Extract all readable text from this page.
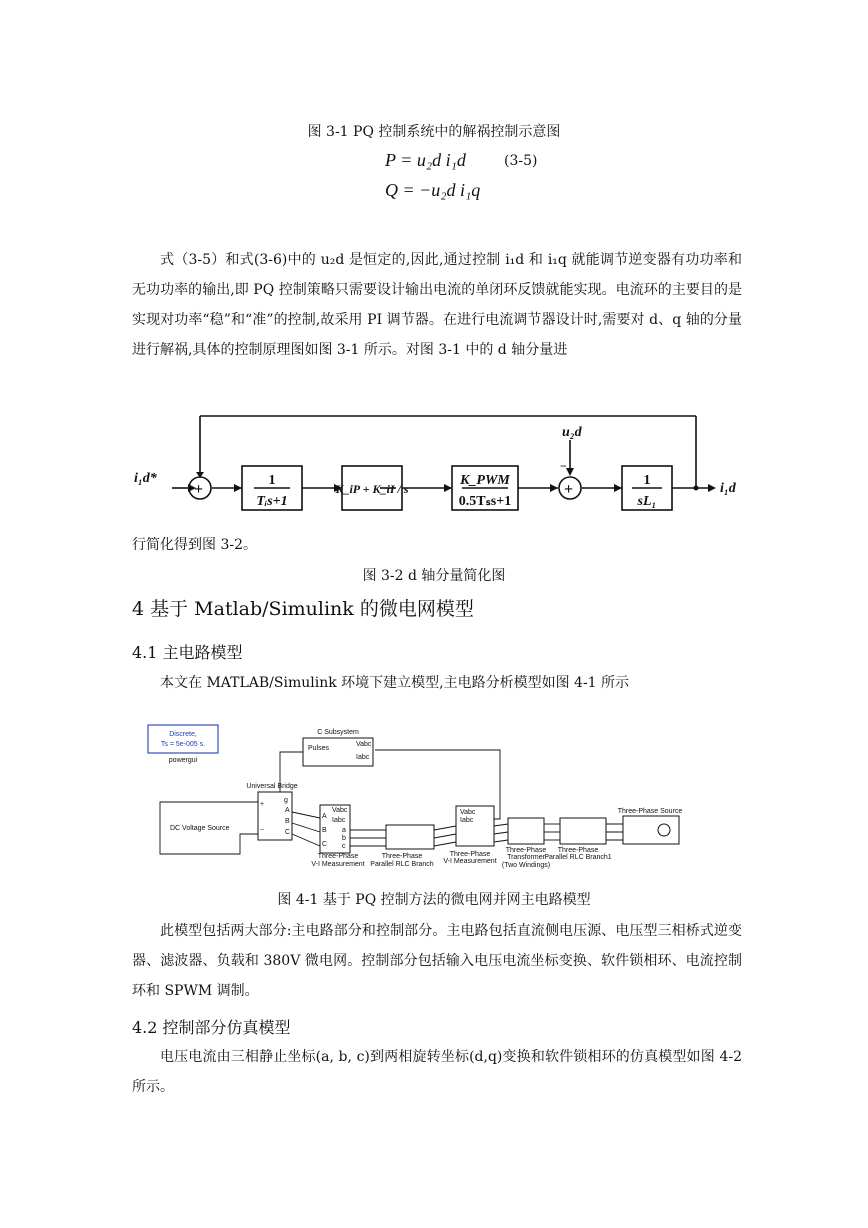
图 3-1 PQ 控制系统中的解祸控制示意图
P = u₂d i₁d	(3-5)
Q = −u₂d i₁q

式（3-5）和式(3-6)中的 u₂d 是恒定的,因此,通过控制 i₁d 和 i₁q 就能调节逆变器有功功率和无功功率的输出,即 PQ 控制策略只需要设计输出电流的单闭环反馈就能实现。电流环的主要目的是实现对功率“稳”和“准”的控制,故采用 PI 调节器。在进行电流调节器设计时,需要对 d、q 轴的分量进行解祸,具体的控制原理图如图 3-1 所示。对图 3-1 中的 d 轴分量进

+	+
−
i₁d*
u₂d
i₁d
1
Tᵢs+1
K_iP + K_iI / s
K_PWM
0.5Tₛs+1
1
sL₁

行简化得到图 3-2。

图 3-2 d 轴分量简化图
4 基于 Matlab/Simulink 的微电网模型
4.1 主电路模型

本文在 MATLAB/Simulink 环境下建立模型,主电路分析模型如图 4-1 所示

Discrete,
Ts = 5e-005 s.
powergui
C Subsystem
Pulses
Vabc
Iabc
Universal Bridge
g
+
A
B
C
−
DC Voltage Source
Vabc
Iabc
A
B
C
a
b
c
Three-Phase
V-I Measurement
Three-Phase
Parallel RLC Branch
Vabc
Iabc
Three-Phase
V-I Measurement
Three-Phase
Transformer
(Two Windings)
Three-Phase
Parallel RLC Branch1
Three-Phase Source
图 4-1 基于 PQ 控制方法的微电网并网主电路模型

此模型包括两大部分:主电路部分和控制部分。主电路包括直流侧电压源、电压型三相桥式逆变器、滤波器、负载和 380V 微电网。控制部分包括输入电压电流坐标变换、软件锁相环、电流控制环和 SPWM 调制。

4.2 控制部分仿真模型

电压电流由三相静止坐标(a, b, c)到两相旋转坐标(d,q)变换和软件锁相环的仿真模型如图 4-2 所示。
